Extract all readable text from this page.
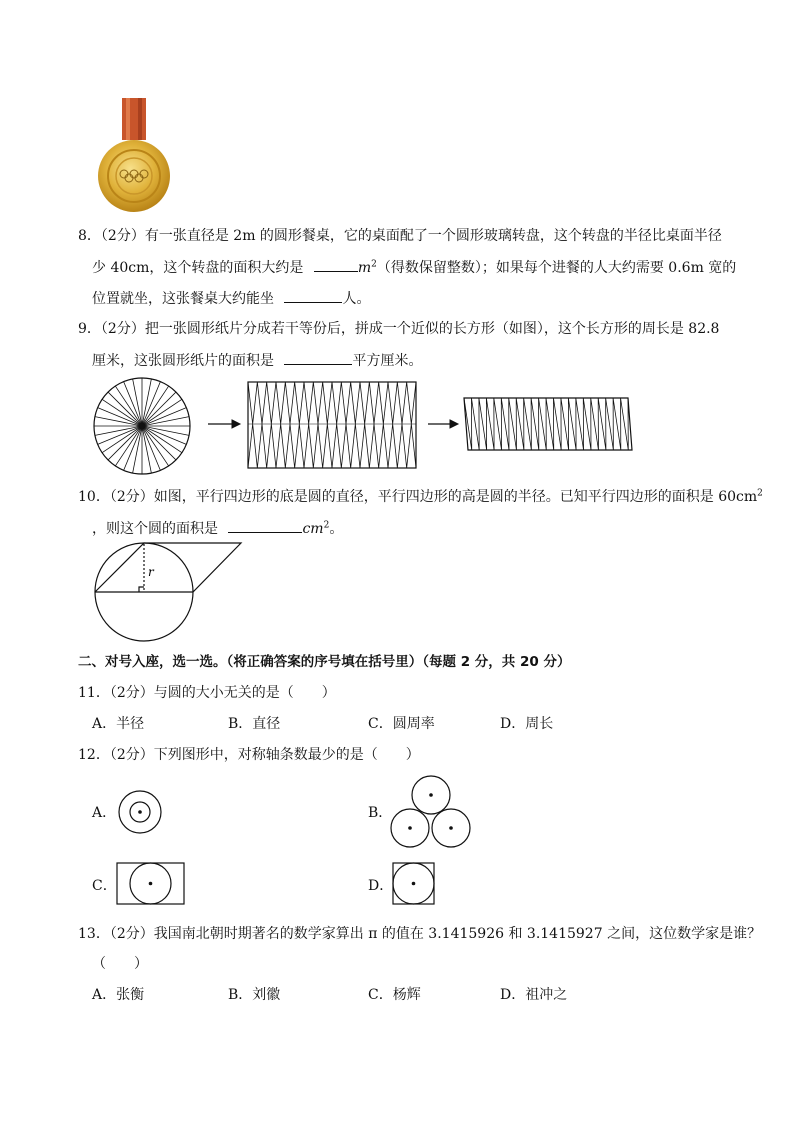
8．（2分）有一张直径是 2m 的圆形餐桌，它的桌面配了一个圆形玻璃转盘，这个转盘的半径比桌面半径
少 40cm，这个转盘的面积大约是	$m^2$（得数保留整数）；如果每个进餐的人大约需要 0.6m 宽的
位置就坐，这张餐桌大约能坐	人。
9．（2分）把一张圆形纸片分成若干等份后，拼成一个近似的长方形（如图），这个长方形的周长是 82.8
厘米，这张圆形纸片的面积是	平方厘米。
10．（2分）如图，平行四边形的底是圆的直径，平行四边形的高是圆的半径。已知平行四边形的面积是 $60cm^2$
，则这个圆的面积是	$cm^2$。
r
二、对号入座，选一选。（将正确答案的序号填在括号里）（每题 2 分，共 20 分）
11．（2分）与圆的大小无关的是（　　）
A．半径	B．直径	C．圆周率	D．周长
12．（2分）下列图形中，对称轴条数最少的是（　　）
A．	B．
C．	D．
13．（2分）我国南北朝时期著名的数学家算出 π 的值在 3.1415926 和 3.1415927 之间，这位数学家是谁？
（　　）
A．张衡	B．刘徽	C．杨辉	D．祖冲之
